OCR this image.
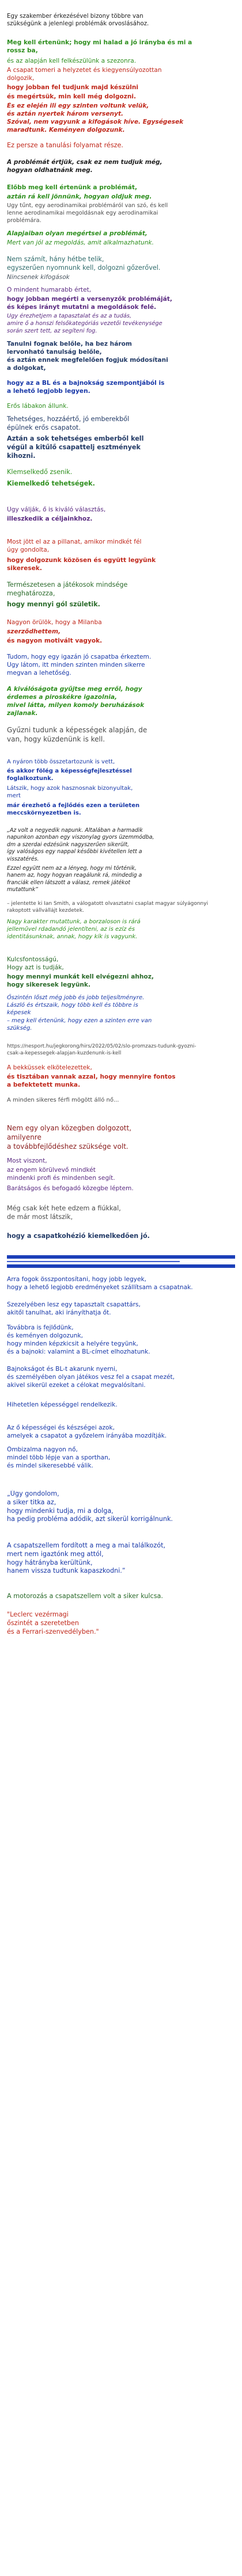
Egy szakember érkezésével bizony többre van

szükségünk a jelenlegi problémák orvoslásához.

Meg kell értenünk; hogy mi halad a jó irányba és mi a

rossz ba,

és az alapján kell felkészülünk a szezonra.

A csapat tomeri a helyzetet és kiegyensúlyozottan

dolgozik,

hogy jobban fel tudjunk majd készülni

és megértsük, min kell még dolgozni.

És ez elején ili egy szinten voltunk velük,

és aztán nyertek három versenyt.

Szóval, nem vagyunk a kifogások híve. Egységesek

maradtunk. Keményen dolgozunk.

Ez persze a tanulási folyamat része.

A problémát értjük, csak ez nem tudjuk még,

hogyan oldhatnánk meg.

Előbb meg kell értenünk a problémát,

aztán rá kell jönnünk, hogyan oldjuk meg.

Úgy tűnt, egy aerodinamikai problémáról van szó, és kell

lenne aerodinamikai megoldásnak egy aerodinamikai

problémára.

Alapjaiban olyan megértsei a problémát,

Mert van jól az megoldás, amit alkalmazhatunk.

Nem számít, hány hétbe telik,

egyszerűen nyomnunk kell, dolgozni gőzerővel.

Nincsenek kifogások

Ó mindent humarabb értet,

hogy jobban megérti a versenyzők problémáját,

és képes irányt mutatni a megoldások felé.

Úgy érezhetjem a tapasztalat és az a tudás,

amire ő a honszi felsőkategóriás vezetői tevékenysége

során szert tett, az segíteni fog.

Tanulni fognak belőle, ha bez három

lervonható tanulság belőle,

és aztán ennek megfelelően fogjuk módosítani

a dolgokat,

hogy az a BL és a bajnokság szempontjából is

a lehető legjobb legyen.

Erős lábakon állunk.

Tehetséges, hozzáértő, jó emberekből

épülnek erős csapatot.

Aztán a sok tehetséges emberből kell

végül a kitűlő csapattelj esztmények

kihozni.

Klemselkedő zsenik.

Kiemelkedő tehetségek.

Úgy válják, ő is kiváló választás,

illeszkedik a céljainkhoz.

Most jött el az a pillanat, amikor mindkét fél

úgy gondolta,

hogy dolgozunk közösen és együtt legyünk

sikeresek.

Természetesen a játékosok mindsége

meghatározza,

hogy mennyi gól születik.

Nagyon örülök, hogy a Milanba

szerződhettem,

és nagyon motivált vagyok.

Tudom, hogy egy igazán jó csapatba érkeztem.

Úgy látom, itt minden szinten minden sikerre

megvan a lehetőség.

A kiválóságota gyűjtse meg erről, hogy

érdemes a piroskékre igazolnia,

mivel látta, milyen komoly beruházások

zajlanak.

Gyűzni tudunk a képességek alapján, de

van, hogy küzdenünk is kell.

A nyáron több összetartozunk is vett,

és akkor fölég a képességfejlesztéssel

foglalkoztunk.

Látszik, hogy azok hasznosnak bizonyultak,

mert

már érezhető a fejlődés ezen a területen

meccskörnyezetben is.

„Az volt a negyedik napunk. Általában a harmadik

napunkon azonban egy viszonylag gyors üzemmódba,

dm a szerdai edzésünk nagyszerűen sikerült,

így valóságos egy nappal későbbi kivétellen lett a

visszatérés.

Ezzel együtt nem az a lényeg, hogy mi történik,

hanem az, hogy hogyan reagálunk rá, mindedig a

franciák ellen látszott a válasz, remek játékot

mutattunk”

– jelentette ki Ian Smith, a válogatott olvasztatni csaplat magyar súlyágonnyi

rakoptott vállvállájt kezdetek.

Nagy karakter mutattunk, a borzaloson is rárá

jelleművel rdadandó jelentíteni, az is ezíz és

identitásunknak, annak, hogy kík is vagyunk.

Kulcsfontosságú,

Hogy azt is tudják,

hogy mennyi munkát kell elvégezni ahhoz,

hogy sikeresek legyünk.

Őszintén lőszt még jobb és jobb teljesítményre.

László és értszaik, hogy több kell és többre is

képesek

– meg kell értenünk, hogy ezen a szinten erre van

szükség.

https://nesport.hu/jegkorong/hirs/2022/05/02/slo-promzazs-tudunk-gyozni-

csak-a-kepessegek-alapjan-kuzdenunk-is-kell

A bekküssek elkötelezettek,

és tisztában vannak azzal, hogy mennyire fontos

a befektetett munka.

A minden sikeres férfi mögött álló nő...

Nem egy olyan közegben dolgozott,

amilyenre

a továbbfejlődéshez szüksége volt.

Most viszont,

az engem körülvevő mindkét

mindenki profi és mindenben segít.

Barátságos és befogadó közegbe léptem.

Még csak két hete edzem a fiúkkal,

de már most látszik,

hogy a csapatkohézió kiemelkedően jó.

Arra fogok összpontosítani, hogy jobb legyek,

hogy a lehető legjobb eredményeket szállítsam a csapatnak.

Szezelyében lesz egy tapasztalt csapattárs,

akitől tanulhat, aki irányíthatja őt.

Továbbra is fejlődünk,

és keményen dolgozunk,

hogy minden képzkicsit a helyére tegyünk,

és a bajnoki: valamint a BL-címet elhozhatunk.

Bajnokságot és BL-t akarunk nyerni,

és személyében olyan játékos vesz fel a csapat mezét,

akivel sikerül ezeket a célokat megvalósítani.

Hihetetlen képességgel rendelkezik.

Az ő képességei és készségei azok,

amelyek a csapatot a győzelem irányába mozdítják.

Őmbizalma nagyon nő,

mindel több lépje van a sporthan,

és mindel sikeresebbé válik.

„Úgy gondolom,

a siker titka az,

hogy mindenki tudja, mi a dolga,

ha pedig probléma adódik, azt sikerül korrigálnunk.

A csapatszellem fordított a meg a mai találkozót,

mert nem igaztónk meg attól,

hogy hátrányba kerültünk,

hanem vissza tudtunk kapaszkodni.”

A motorozás a csapatszellem volt a siker kulcsa.

"Leclerc vezérmagi

őszintét a szeretetben

és a Ferrari-szenvedélyben."
